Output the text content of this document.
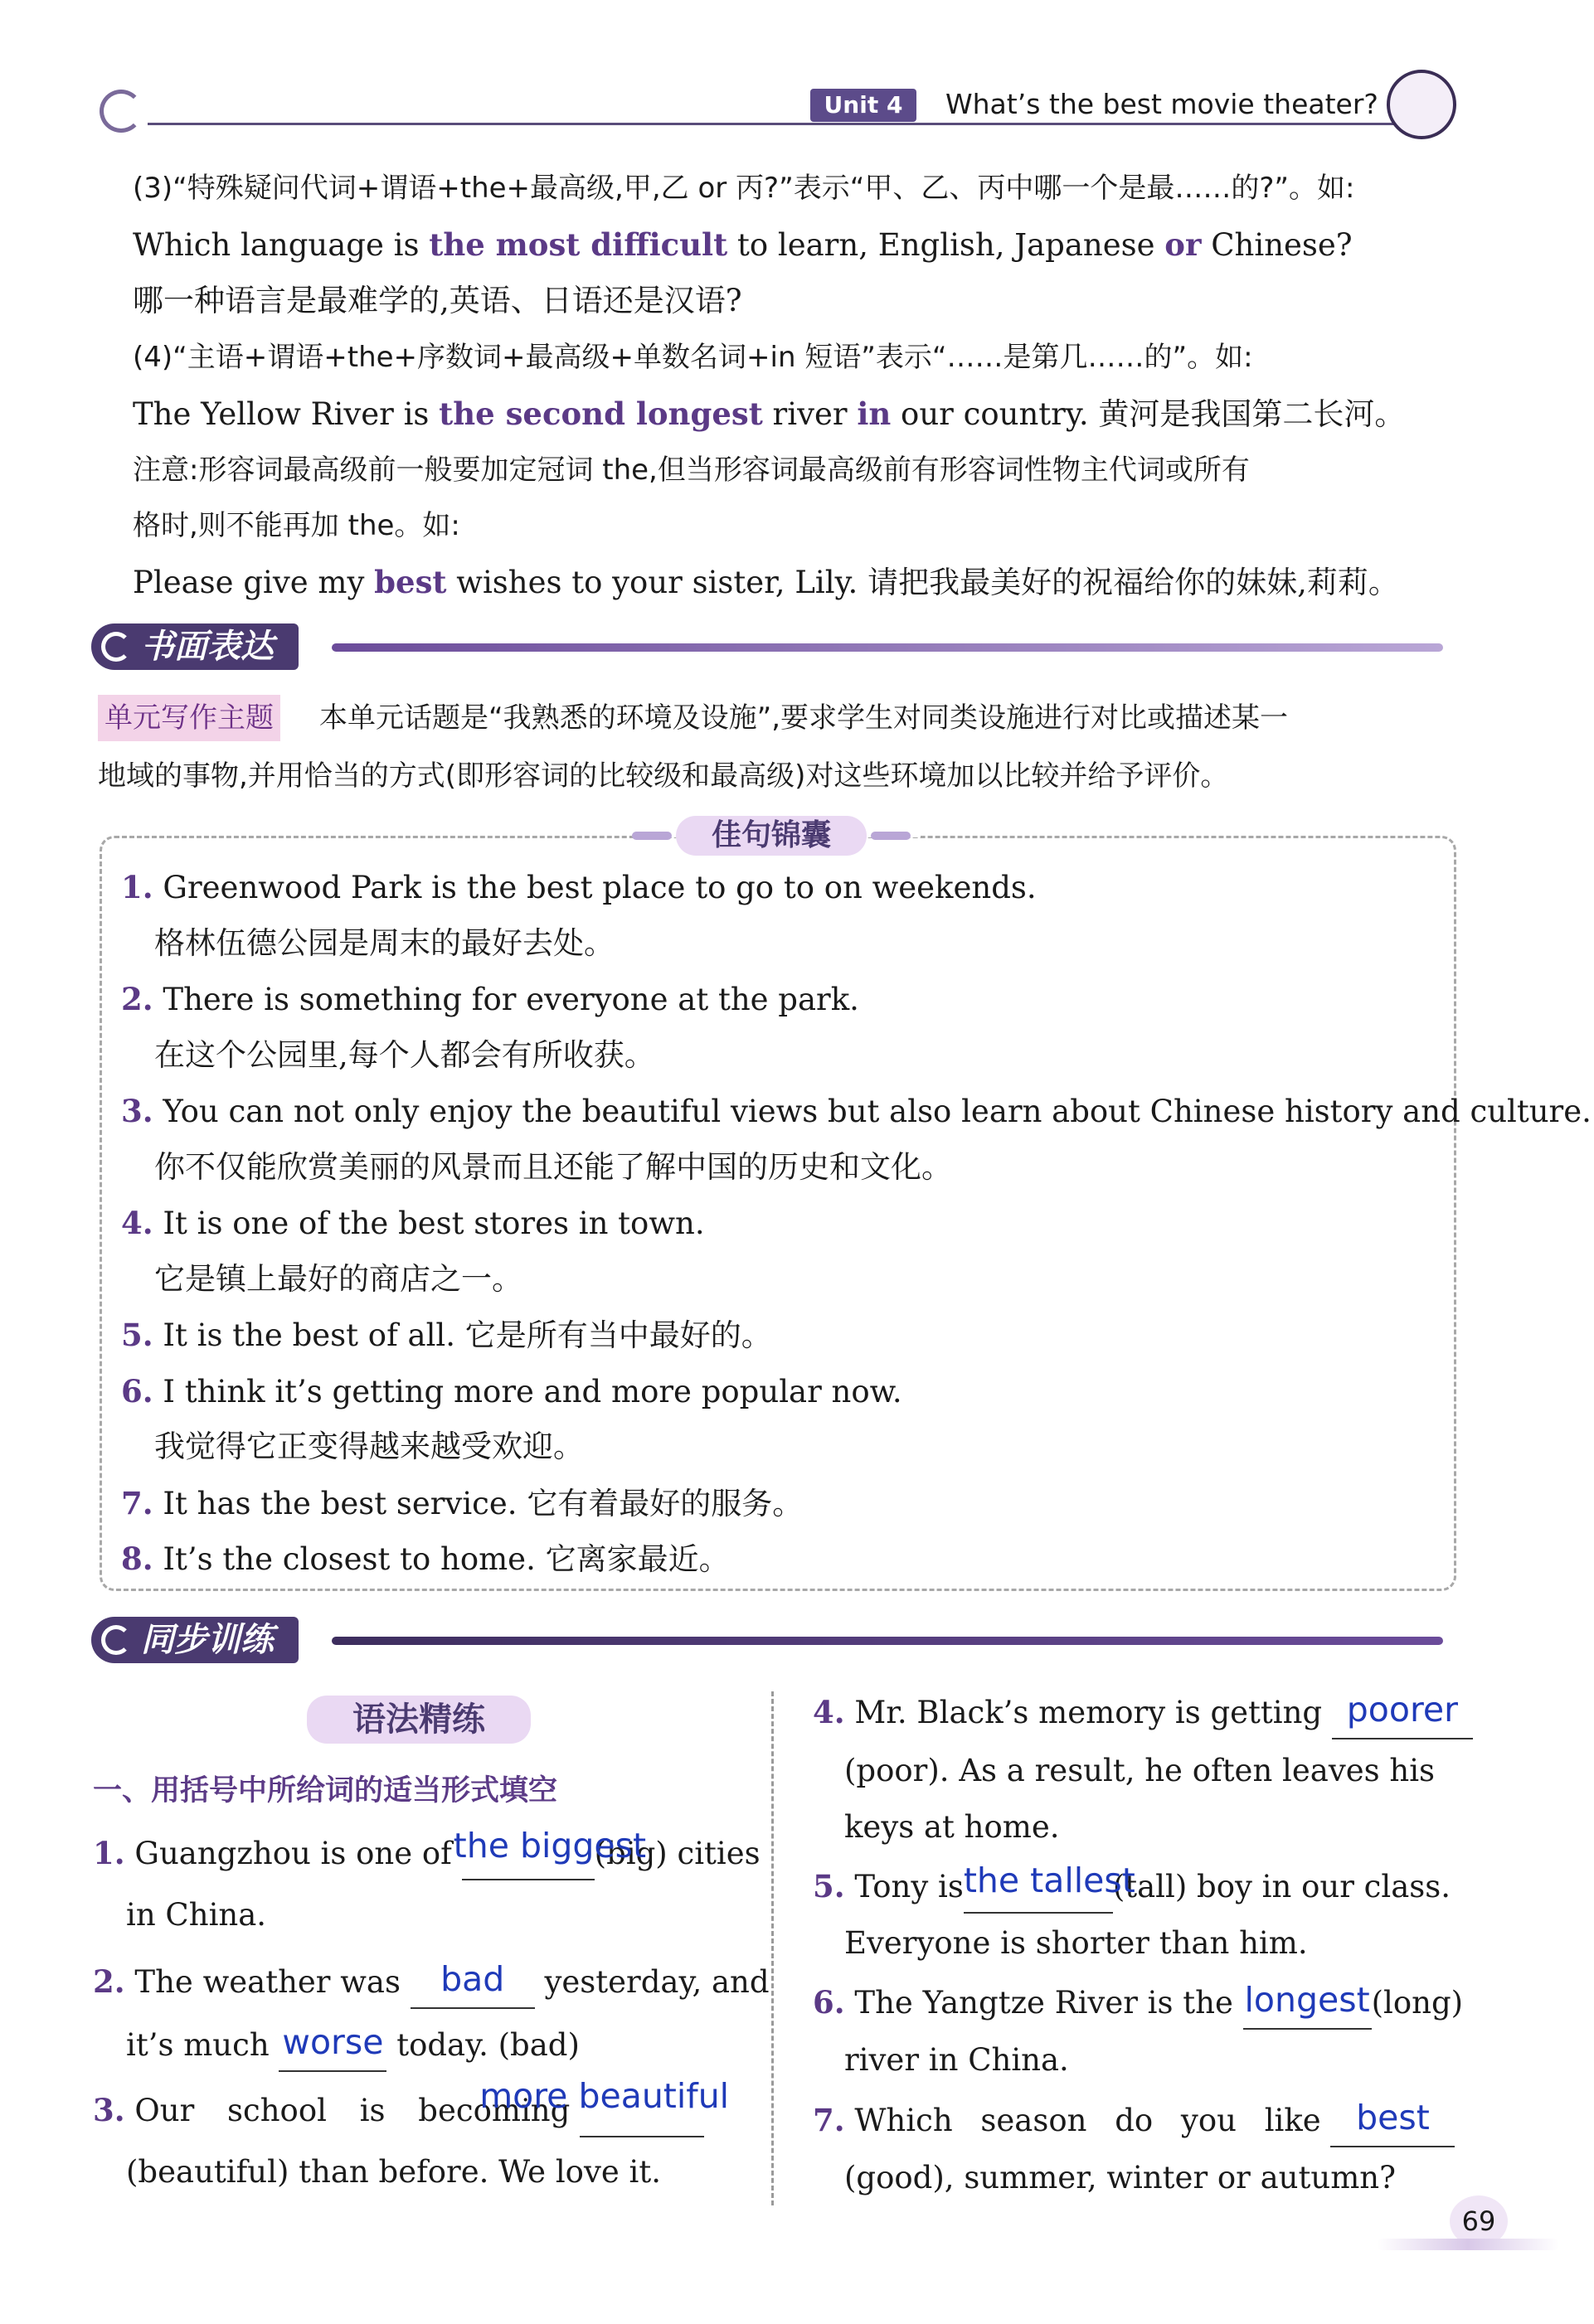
Unit 4	What’s the best movie theater?
(3)“特殊疑问代词+谓语+the+最高级,甲,乙 or 丙?”表示“甲、乙、丙中哪一个是最……的?”。如:
Which language is the most difficult to learn, English, Japanese or Chinese?
哪一种语言是最难学的,英语、日语还是汉语?
(4)“主语+谓语+the+序数词+最高级+单数名词+in 短语”表示“……是第几……的”。如:
The Yellow River is the second longest river in our country. 黄河是我国第二长河。
注意:形容词最高级前一般要加定冠词 the,但当形容词最高级前有形容词性物主代词或所有
格时,则不能再加 the。如:
Please give my best wishes to your sister, Lily. 请把我最美好的祝福给你的妹妹,莉莉。
书面表达
单元写作主题 本单元话题是“我熟悉的环境及设施”,要求学生对同类设施进行对比或描述某一
地域的事物,并用恰当的方式(即形容词的比较级和最高级)对这些环境加以比较并给予评价。
佳句锦囊
1. Greenwood Park is the best place to go to on weekends.
格林伍德公园是周末的最好去处。
2. There is something for everyone at the park.
在这个公园里,每个人都会有所收获。
3. You can not only enjoy the beautiful views but also learn about Chinese history and culture.
你不仅能欣赏美丽的风景而且还能了解中国的历史和文化。
4. It is one of the best stores in town.
它是镇上最好的商店之一。
5. It is the best of all. 它是所有当中最好的。
6. I think it’s getting more and more popular now.
我觉得它正变得越来越受欢迎。
7. It has the best service. 它有着最好的服务。
8. It’s the closest to home. 它离家最近。
同步训练
语法精练
一、用括号中所给词的适当形式填空
1. Guangzhou is one of the biggest
(big) cities
in China.
2. The weather was	bad	yesterday, and
it’s much worse today. (bad)
3. Our school is becoming
more beautiful
(beautiful) than before. We love it.
4. Mr. Black’s memory is getting poorer
(poor). As a result, he often leaves his
keys at home.
5. Tony is the tallest
(tall) boy in our class.
Everyone is shorter than him.
6. The Yangtze River is the longest (long)
river in China.
7. Which season do you like	best
(good), summer, winter or autumn?
69
